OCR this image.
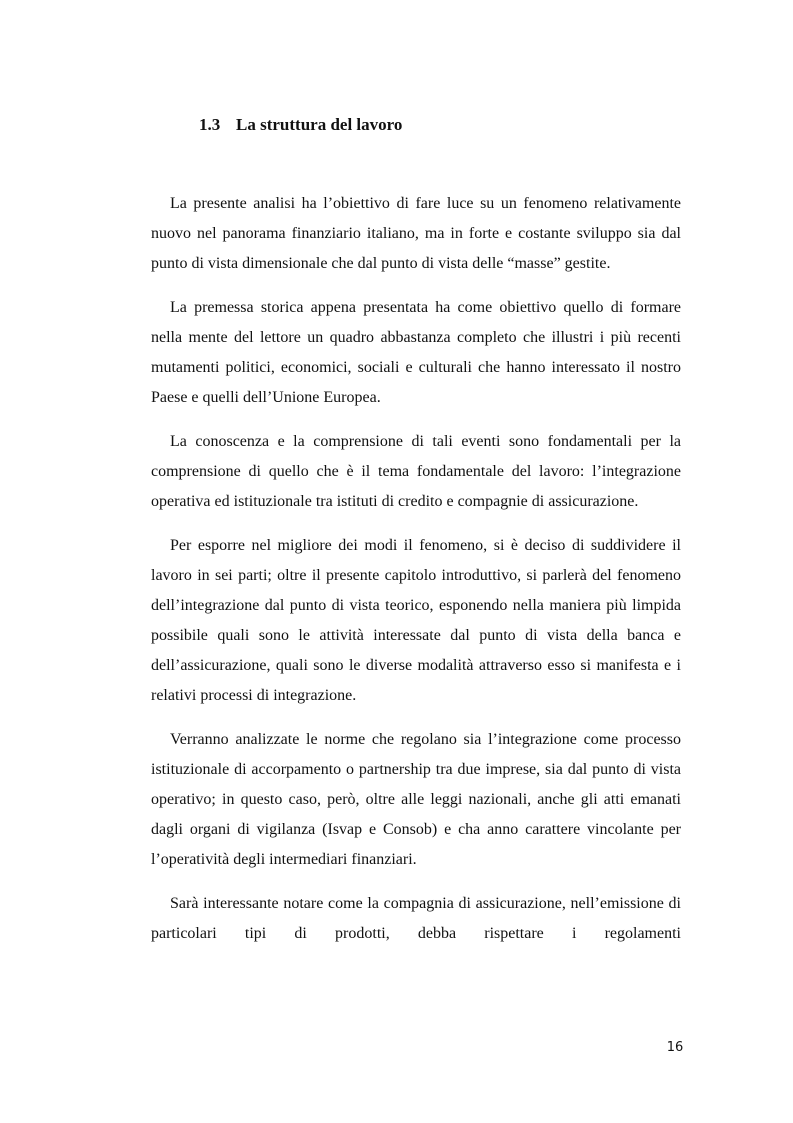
1.3 La struttura del lavoro

La presente analisi ha l’obiettivo di fare luce su un fenomeno relativamente nuovo nel panorama finanziario italiano, ma in forte e costante sviluppo sia dal punto di vista dimensionale che dal punto di vista delle “masse” gestite.

La premessa storica appena presentata ha come obiettivo quello di formare nella mente del lettore un quadro abbastanza completo che illustri i più recenti mutamenti politici, economici, sociali e culturali che hanno interessato il nostro Paese e quelli dell’Unione Europea.

La conoscenza e la comprensione di tali eventi sono fondamentali per la comprensione di quello che è il tema fondamentale del lavoro: l’integrazione operativa ed istituzionale tra istituti di credito e compagnie di assicurazione.

Per esporre nel migliore dei modi il fenomeno, si è deciso di suddividere il lavoro in sei parti; oltre il presente capitolo introduttivo, si parlerà del fenomeno dell’integrazione dal punto di vista teorico, esponendo nella maniera più limpida possibile quali sono le attività interessate dal punto di vista della banca e dell’assicurazione, quali sono le diverse modalità attraverso esso si manifesta e i relativi processi di integrazione.

Verranno analizzate le norme che regolano sia l’integrazione come processo istituzionale di accorpamento o partnership tra due imprese, sia dal punto di vista operativo; in questo caso, però, oltre alle leggi nazionali, anche gli atti emanati dagli organi di vigilanza (Isvap e Consob) e cha anno carattere vincolante per l’operatività degli intermediari finanziari.

Sarà interessante notare come la compagnia di assicurazione, nell’emissione di particolari tipi di prodotti, debba rispettare i regolamenti

16
